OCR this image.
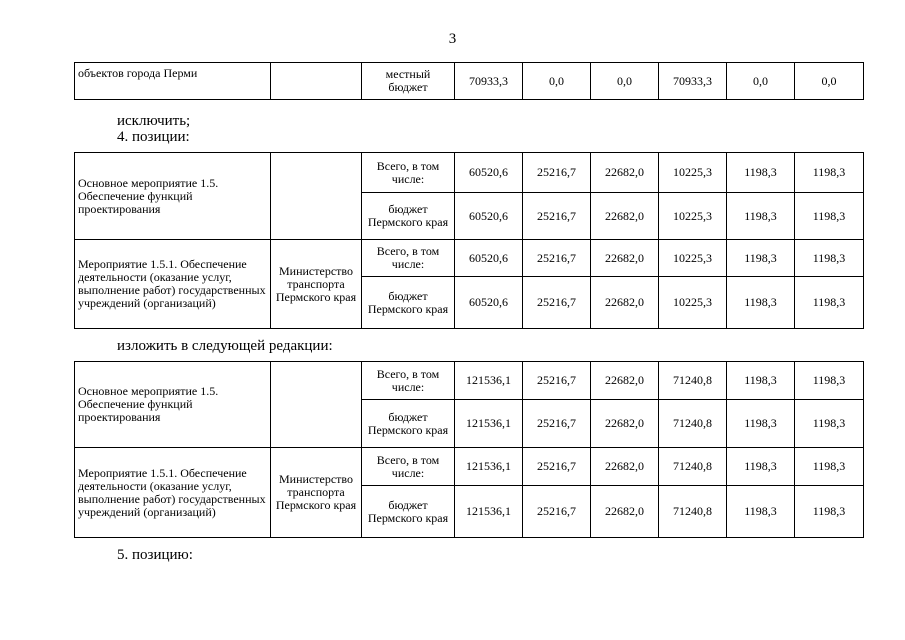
3
объектов города Перми		местный бюджет	70933,3	0,0	0,0	70933,3	0,0	0,0
исключить;
4. позиции:
Основное мероприятие 1.5. Обеспечение функций проектирования		Всего, в том числе:	60520,6	25216,7	22682,0	10225,3	1198,3	1198,3
		бюджет Пермского края	60520,6	25216,7	22682,0	10225,3	1198,3	1198,3
Мероприятие 1.5.1. Обеспечение деятельности (оказание услуг, выполнение работ) государственных учреждений (организаций)	Министерство транспорта Пермского края	Всего, в том числе:	60520,6	25216,7	22682,0	10225,3	1198,3	1198,3
		бюджет Пермского края	60520,6	25216,7	22682,0	10225,3	1198,3	1198,3
изложить в следующей редакции:
Основное мероприятие 1.5. Обеспечение функций проектирования		Всего, в том числе:	121536,1	25216,7	22682,0	71240,8	1198,3	1198,3
		бюджет Пермского края	121536,1	25216,7	22682,0	71240,8	1198,3	1198,3
Мероприятие 1.5.1. Обеспечение деятельности (оказание услуг, выполнение работ) государственных учреждений (организаций)	Министерство транспорта Пермского края	Всего, в том числе:	121536,1	25216,7	22682,0	71240,8	1198,3	1198,3
		бюджет Пермского края	121536,1	25216,7	22682,0	71240,8	1198,3	1198,3
5. позицию:
